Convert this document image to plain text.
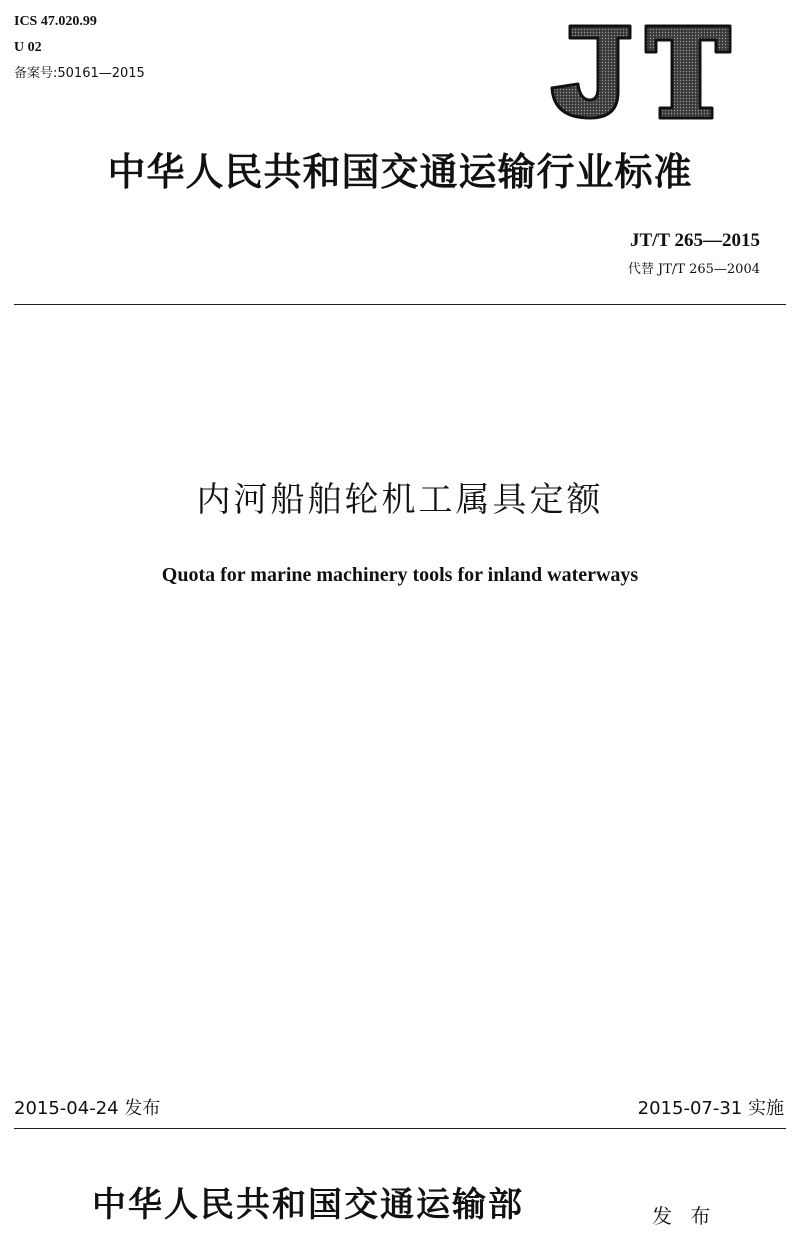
ICS 47.020.99
U 02
备案号:50161—2015
中华人民共和国交通运输行业标准
JT/T 265—2015
代替 JT/T 265—2004
内河船舶轮机工属具定额
Quota for marine machinery tools for inland waterways
2015-04-24 发布	2015-07-31 实施
中华人民共和国交通运输部	发 布
